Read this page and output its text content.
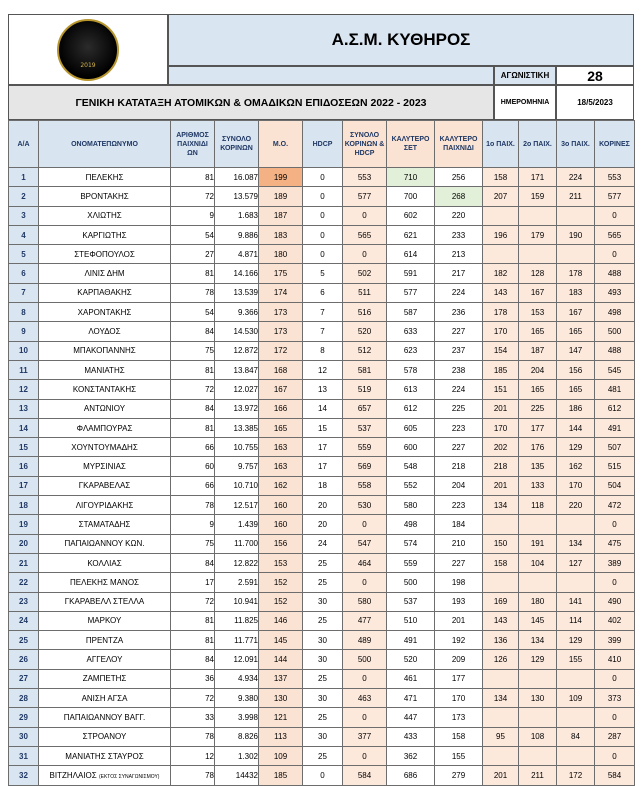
2019
Α.Σ.Μ. ΚΥΘΗΡΟΣ
ΑΓΩΝΙΣΤΙΚΗ	28
ΓΕΝΙΚΗ ΚΑΤΑΤΑΞΗ ΑΤΟΜΙΚΩΝ & ΟΜΑΔΙΚΩΝ ΕΠΙΔΟΣΕΩΝ 2022 - 2023	ΗΜΕΡΟΜΗΝΙΑ	18/5/2023
Α/Α	ΟΝΟΜΑΤΕΠΩΝΥΜΟ	ΑΡΙΘΜΟΣ ΠΑΙΧΝΙΔΙ ΩΝ	ΣΥΝΟΛΟ ΚΟΡΙΝΩΝ	Μ.Ο.	HDCP	ΣΥΝΟΛΟ ΚΟΡΙΝΩΝ & HDCP	ΚΑΛΥΤΕΡΟ ΣΕΤ	ΚΑΛΥΤΕΡΟ ΠΑΙΧΝΙΔΙ	1ο ΠΑΙΧ.	2ο ΠΑΙΧ.	3ο ΠΑΙΧ.	ΚΟΡΙΝΕΣ
1	ΠΕΛΕΚΗΣ	81	16.087	199	0	553	710	256	158	171	224	553
2	ΒΡΟΝΤΑΚΗΣ	72	13.579	189	0	577	700	268	207	159	211	577
3	ΧΛΙΩΤΗΣ	9	1.683	187	0	0	602	220				0
4	ΚΑΡΓΙΩΤΗΣ	54	9.886	183	0	565	621	233	196	179	190	565
5	ΣΤΕΦΟΠΟΥΛΟΣ	27	4.871	180	0	0	614	213				0
6	ΛΙΝΙΣ ΔΗΜ	81	14.166	175	5	502	591	217	182	128	178	488
7	ΚΑΡΠΑΘΑΚΗΣ	78	13.539	174	6	511	577	224	143	167	183	493
8	ΧΑΡΟΝΤΑΚΗΣ	54	9.366	173	7	516	587	236	178	153	167	498
9	ΛΟΥΔΟΣ	84	14.530	173	7	520	633	227	170	165	165	500
10	ΜΠΑΚΟΠΑΝΝΗΣ	75	12.872	172	8	512	623	237	154	187	147	488
11	ΜΑΝΙΑΤΗΣ	81	13.847	168	12	581	578	238	185	204	156	545
12	ΚΟΝΣΤΑΝΤΑΚΗΣ	72	12.027	167	13	519	613	224	151	165	165	481
13	ΑΝΤΩΝΙΟΥ	84	13.972	166	14	657	612	225	201	225	186	612
14	ΦΛΑΜΠΟΥΡΑΣ	81	13.385	165	15	537	605	223	170	177	144	491
15	ΧΟΥΝΤΟΥΜΑΔΗΣ	66	10.755	163	17	559	600	227	202	176	129	507
16	ΜΥΡΣΙΝΙΑΣ	60	9.757	163	17	569	548	218	218	135	162	515
17	ΓΚΑΡΑΒΕΛΑΣ	66	10.710	162	18	558	552	204	201	133	170	504
18	ΛΙΓΟΥΡΙΔΑΚΗΣ	78	12.517	160	20	530	580	223	134	118	220	472
19	ΣΤΑΜΑΤΑΔΗΣ	9	1.439	160	20	0	498	184				0
20	ΠΑΠΑΙΩΑΝΝΟΥ ΚΩΝ.	75	11.700	156	24	547	574	210	150	191	134	475
21	ΚΟΛΛΙΑΣ	84	12.822	153	25	464	559	227	158	104	127	389
22	ΠΕΛΕΚΗΣ ΜΑΝΟΣ	17	2.591	152	25	0	500	198				0
23	ΓΚΑΡΑΒΕΛΛ ΣΤΕΛΛΑ	72	10.941	152	30	580	537	193	169	180	141	490
24	ΜΑΡΚΟΥ	81	11.825	146	25	477	510	201	143	145	114	402
25	ΠΡΕΝΤΖΑ	81	11.771	145	30	489	491	192	136	134	129	399
26	ΑΓΓΕΛΟΥ	84	12.091	144	30	500	520	209	126	129	155	410
27	ΖΑΜΠΕΤΗΣ	36	4.934	137	25	0	461	177				0
28	ΑΝΙΣΗ ΑΓΣΑ	72	9.380	130	30	463	471	170	134	130	109	373
29	ΠΑΠΑΙΩΑΝΝΟΥ ΒΑΓΓ.	33	3.998	121	25	0	447	173				0
30	ΣΤΡΟΑΝΟΥ	78	8.826	113	30	377	433	158	95	108	84	287
31	ΜΑΝΙΑΤΗΣ ΣΤΑΥΡΟΣ	12	1.302	109	25	0	362	155				0
32	ΒΙΤΖΗΛΑΙΟΣ (ΕΚΤΟΣ ΣΥΝΑΓΩΝΙΣΜΟΥ)	78	14432	185	0	584	686	279	201	211	172	584
